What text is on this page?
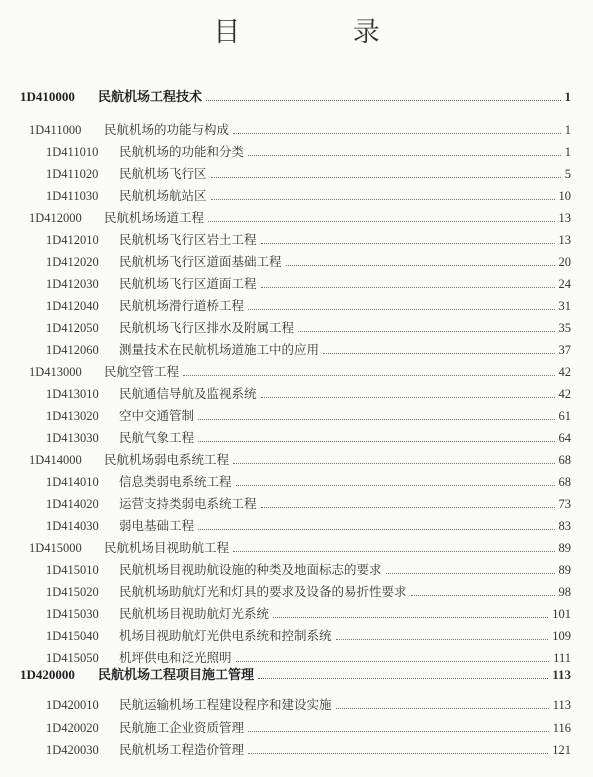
目 录
1D410000	民航机场工程技术	1
1D411000	民航机场的功能与构成	1
1D411010	民航机场的功能和分类	1
1D411020	民航机场飞行区	5
1D411030	民航机场航站区	10
1D412000	民航机场场道工程	13
1D412010	民航机场飞行区岩土工程	13
1D412020	民航机场飞行区道面基础工程	20
1D412030	民航机场飞行区道面工程	24
1D412040	民航机场滑行道桥工程	31
1D412050	民航机场飞行区排水及附属工程	35
1D412060	测量技术在民航机场道施工中的应用	37
1D413000	民航空管工程	42
1D413010	民航通信导航及监视系统	42
1D413020	空中交通管制	61
1D413030	民航气象工程	64
1D414000	民航机场弱电系统工程	68
1D414010	信息类弱电系统工程	68
1D414020	运营支持类弱电系统工程	73
1D414030	弱电基础工程	83
1D415000	民航机场目视助航工程	89
1D415010	民航机场目视助航设施的种类及地面标志的要求	89
1D415020	民航机场助航灯光和灯具的要求及设备的易折性要求	98
1D415030	民航机场目视助航灯光系统	101
1D415040	机场目视助航灯光供电系统和控制系统	109
1D415050	机坪供电和泛光照明	111
1D420000	民航机场工程项目施工管理	113
1D420010	民航运输机场工程建设程序和建设实施	113
1D420020	民航施工企业资质管理	116
1D420030	民航机场工程造价管理	121
